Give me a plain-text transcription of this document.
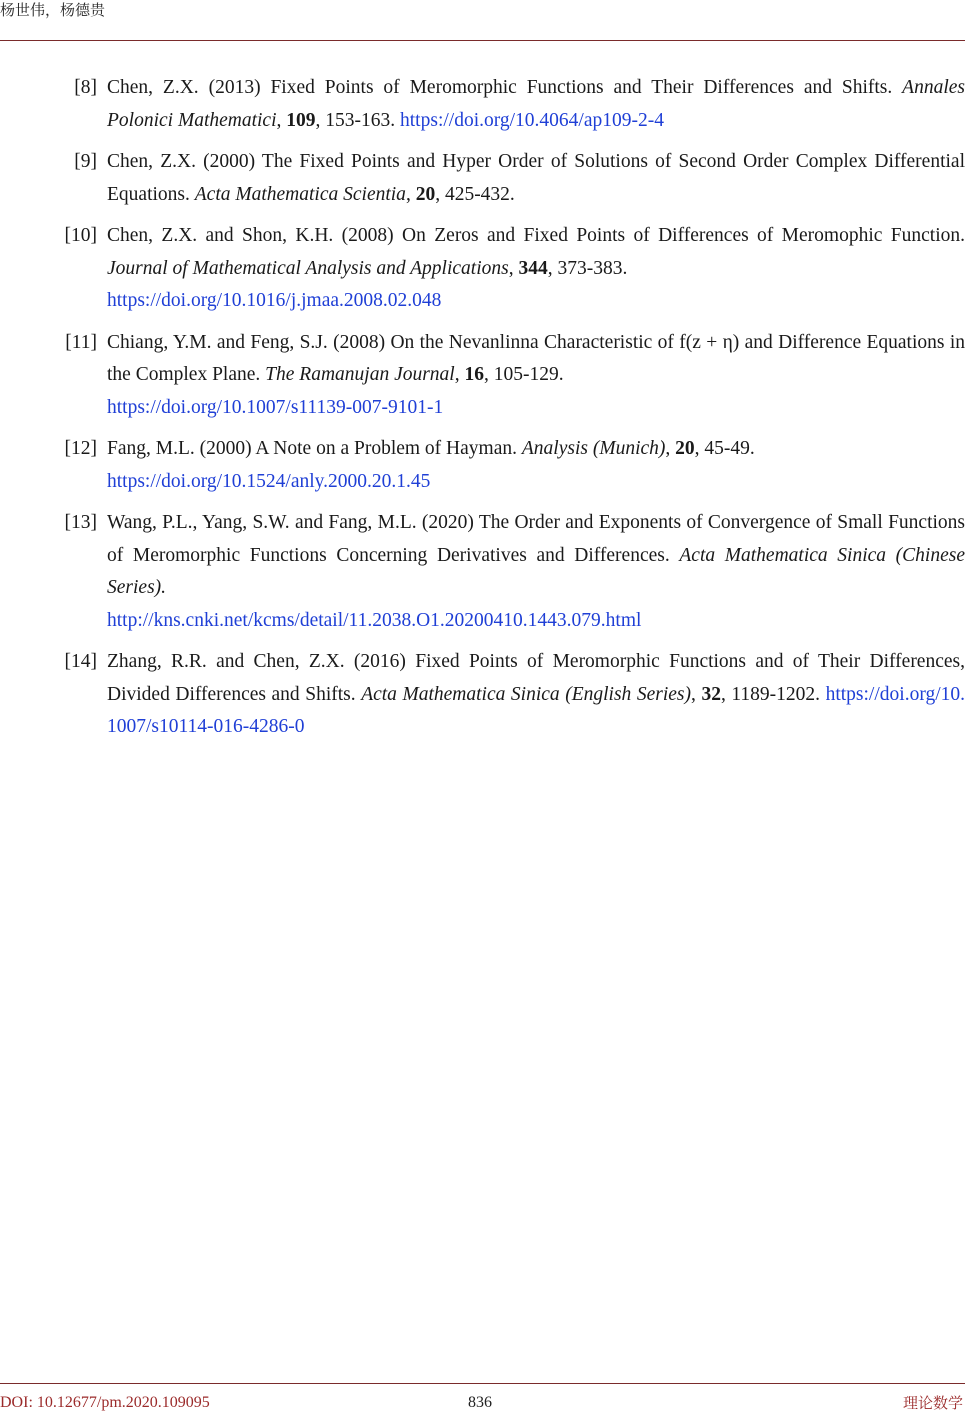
杨世伟，杨德贵
[8] Chen, Z.X. (2013) Fixed Points of Meromorphic Functions and Their Differences and Shifts. Annales Polonici Mathematici, 109, 153-163. https://doi.org/10.4064/ap109-2-4
[9] Chen, Z.X. (2000) The Fixed Points and Hyper Order of Solutions of Second Order Complex Differential Equations. Acta Mathematica Scientia, 20, 425-432.
[10] Chen, Z.X. and Shon, K.H. (2008) On Zeros and Fixed Points of Differences of Meromophic Function. Journal of Mathematical Analysis and Applications, 344, 373-383.
https://doi.org/10.1016/j.jmaa.2008.02.048
[11] Chiang, Y.M. and Feng, S.J. (2008) On the Nevanlinna Characteristic of f(z + η) and Difference Equations in the Complex Plane. The Ramanujan Journal, 16, 105-129.
https://doi.org/10.1007/s11139-007-9101-1
[12] Fang, M.L. (2000) A Note on a Problem of Hayman. Analysis (Munich), 20, 45-49.
https://doi.org/10.1524/anly.2000.20.1.45
[13] Wang, P.L., Yang, S.W. and Fang, M.L. (2020) The Order and Exponents of Convergence of Small Functions of Meromorphic Functions Concerning Derivatives and Differences. Acta Mathematica Sinica (Chinese Series).
http://kns.cnki.net/kcms/detail/11.2038.O1.20200410.1443.079.html
[14] Zhang, R.R. and Chen, Z.X. (2016) Fixed Points of Meromorphic Functions and of Their Differences, Divided Differences and Shifts. Acta Mathematica Sinica (English Series), 32, 1189-1202. https://doi.org/10.1007/s10114-016-4286-0
DOI: 10.12677/pm.2020.109095	836	理论数学
